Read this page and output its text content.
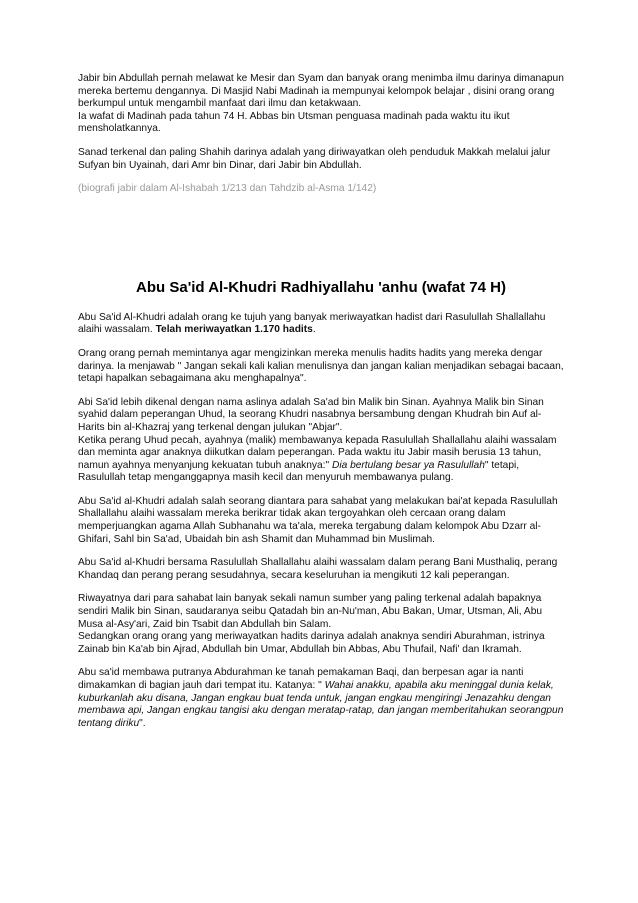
Jabir bin Abdullah pernah melawat ke Mesir dan Syam dan banyak orang menimba ilmu darinya dimanapun mereka bertemu dengannya. Di Masjid Nabi Madinah ia mempunyai kelompok belajar , disini orang orang berkumpul untuk mengambil manfaat dari ilmu dan ketakwaan.

Ia wafat di Madinah pada tahun 74 H. Abbas bin Utsman penguasa madinah pada waktu itu ikut mensholatkannya.

Sanad terkenal dan paling Shahih darinya adalah yang diriwayatkan oleh penduduk Makkah melalui jalur Sufyan bin Uyainah, dari Amr bin Dinar, dari Jabir bin Abdullah.

(biografi jabir dalam Al-Ishabah 1/213 dan Tahdzib al-Asma 1/142)

Abu Sa'id Al-Khudri Radhiyallahu 'anhu (wafat 74 H)

Abu Sa'id Al-Khudri adalah orang ke tujuh yang banyak meriwayatkan hadist dari Rasulullah Shallallahu alaihi wassalam. Telah meriwayatkan 1.170 hadits.

Orang orang pernah memintanya agar mengizinkan mereka menulis hadits hadits yang mereka dengar darinya. Ia menjawab " Jangan sekali kali kalian menulisnya dan jangan kalian menjadikan sebagai bacaan, tetapi hapalkan sebagaimana aku menghapalnya".

Abi Sa'id lebih dikenal dengan nama aslinya adalah Sa'ad bin Malik bin Sinan. Ayahnya Malik bin Sinan syahid dalam peperangan Uhud, Ia seorang Khudri nasabnya bersambung dengan Khudrah bin Auf al-Harits bin al-Khazraj yang terkenal dengan julukan "Abjar".

Ketika perang Uhud pecah, ayahnya (malik) membawanya kepada Rasulullah Shallallahu alaihi wassalam dan meminta agar anaknya diikutkan dalam peperangan. Pada waktu itu Jabir masih berusia 13 tahun, namun ayahnya menyanjung kekuatan tubuh anaknya:" Dia bertulang besar ya Rasulullah" tetapi, Rasulullah tetap menganggapnya masih kecil dan menyuruh membawanya pulang.

Abu Sa'id al-Khudri adalah salah seorang diantara para sahabat yang melakukan bai'at kepada Rasulullah Shallallahu alaihi wassalam mereka berikrar tidak akan tergoyahkan oleh cercaan orang dalam memperjuangkan agama Allah Subhanahu wa ta'ala, mereka tergabung dalam kelompok Abu Dzarr al-Ghifari, Sahl bin Sa'ad, Ubaidah bin ash Shamit dan Muhammad bin Muslimah.

Abu Sa'id al-Khudri bersama Rasulullah Shallallahu alaihi wassalam dalam perang Bani Musthaliq, perang Khandaq dan perang perang sesudahnya, secara keseluruhan ia mengikuti 12 kali peperangan.

Riwayatnya dari para sahabat lain banyak sekali namun sumber yang paling terkenal adalah bapaknya sendiri Malik bin Sinan, saudaranya seibu Qatadah bin an-Nu'man, Abu Bakan, Umar, Utsman, Ali, Abu Musa al-Asy'ari, Zaid bin Tsabit dan Abdullah bin Salam.

Sedangkan orang orang yang meriwayatkan hadits darinya adalah anaknya sendiri Aburahman, istrinya Zainab bin Ka'ab bin Ajrad, Abdullah bin Umar, Abdullah bin Abbas, Abu Thufail, Nafi' dan Ikramah.

Abu sa'id membawa putranya Abdurahman ke tanah pemakaman Baqi, dan berpesan agar ia nanti dimakamkan di bagian jauh dari tempat itu. Katanya: " Wahai anakku, apabila aku meninggal dunia kelak, kuburkanlah aku disana, Jangan engkau buat tenda untuk, jangan engkau mengiringi Jenazahku dengan membawa api, Jangan engkau tangisi aku dengan meratap-ratap, dan jangan memberitahukan seorangpun tentang diriku".
